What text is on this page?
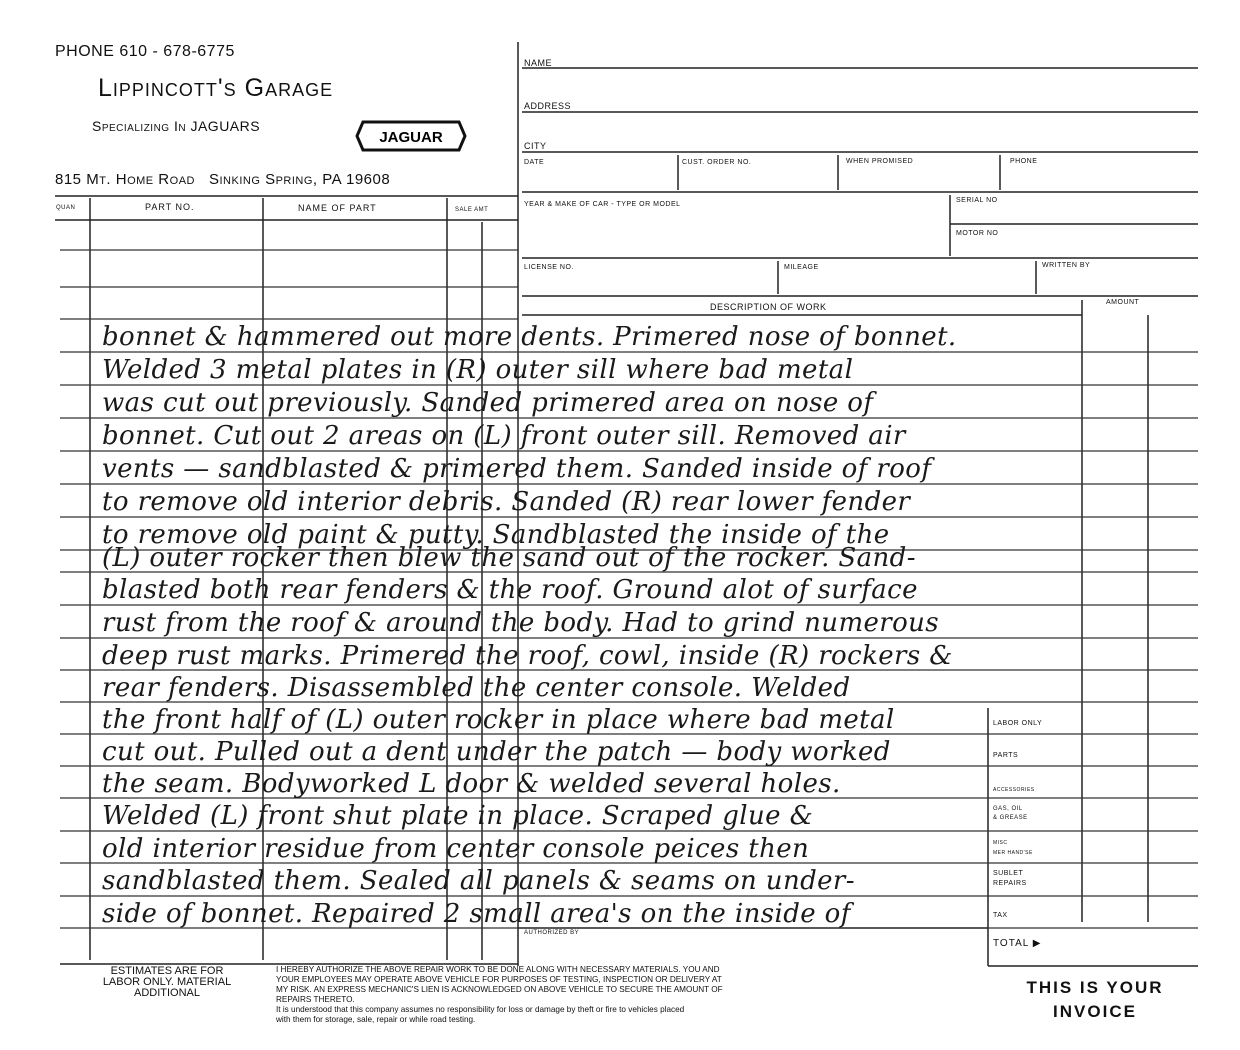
PHONE 610 - 678-6775
Lippincott's Garage
Specializing In JAGUARS
JAGUAR
815 Mt. Home Road Sinking Spring, PA 19608
QUAN	PART NO.	NAME OF PART	SALE AMT
NAME
ADDRESS
CITY
DATE	CUST. ORDER NO.	WHEN PROMISED	PHONE
YEAR & MAKE OF CAR - TYPE OR MODEL
SERIAL NO
MOTOR NO
LICENSE NO.	MILEAGE	WRITTEN BY
DESCRIPTION OF WORK	AMOUNT
bonnet & hammered out more dents. Primered nose of bonnet.
Welded 3 metal plates in (R) outer sill where bad metal
was cut out previously. Sanded primered area on nose of
bonnet. Cut out 2 areas on (L) front outer sill. Removed air
vents — sandblasted & primered them. Sanded inside of roof
to remove old interior debris. Sanded (R) rear lower fender
to remove old paint & putty. Sandblasted the inside of the
(L) outer rocker then blew the sand out of the rocker. Sand-
blasted both rear fenders & the roof. Ground alot of surface
rust from the roof & around the body. Had to grind numerous
deep rust marks. Primered the roof, cowl, inside (R) rockers &
rear fenders. Disassembled the center console. Welded
the front half of (L) outer rocker in place where bad metal
cut out. Pulled out a dent under the patch — body worked
the seam. Bodyworked L door & welded several holes.
Welded (L) front shut plate in place. Scraped glue &
old interior residue from center console peices then
sandblasted them. Sealed all panels & seams on under-
side of bonnet. Repaired 2 small area's on the inside of
LABOR ONLY
PARTS
ACCESSORIES
GAS, OIL
& GREASE
MISC
MER HAND'SE
SUBLET
REPAIRS
TAX
TOTAL ▶
AUTHORIZED BY
ESTIMATES ARE FOR
LABOR ONLY. MATERIAL
ADDITIONAL
I HEREBY AUTHORIZE THE ABOVE REPAIR WORK TO BE DONE ALONG WITH NECESSARY MATERIALS. YOU AND
YOUR EMPLOYEES MAY OPERATE ABOVE VEHICLE FOR PURPOSES OF TESTING, INSPECTION OR DELIVERY AT
MY RISK. AN EXPRESS MECHANIC'S LIEN IS ACKNOWLEDGED ON ABOVE VEHICLE TO SECURE THE AMOUNT OF
REPAIRS THERETO.
It is understood that this company assumes no responsibility for loss or damage by theft or fire to vehicles placed
with them for storage, sale, repair or while road testing.
THIS IS YOUR
INVOICE
